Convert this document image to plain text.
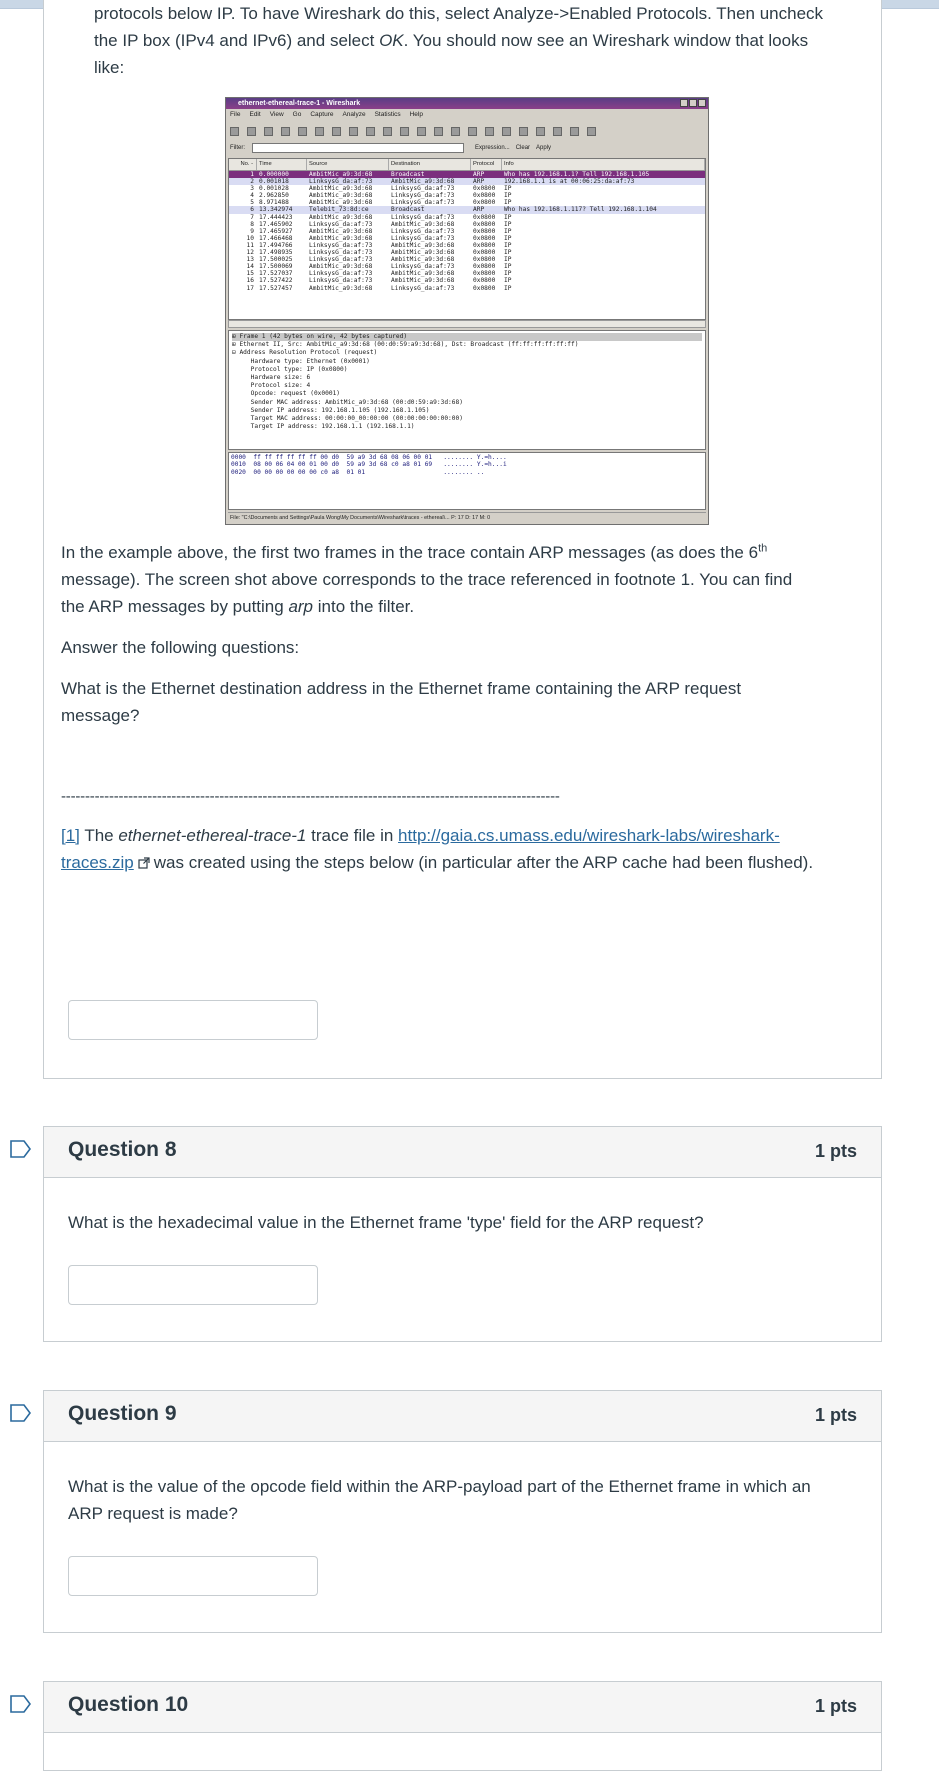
protocols below IP. To have Wireshark do this, select Analyze->Enabled Protocols. Then uncheck

the IP box (IPv4 and IPv6) and select OK. You should now see an Wireshark window that looks

like:

ethernet-ethereal-trace-1 - Wireshark
File Edit View Go Capture Analyze Statistics Help
Filter:	Expression... Clear Apply
No. -	Time	Source	Destination	Protocol	Info
1 0.000000	AmbitMic_a9:3d:68	Broadcast	ARP	Who has 192.168.1.1? Tell 192.168.1.105
2 0.001018	LinksysG_da:af:73	AmbitMic_a9:3d:68	ARP	192.168.1.1 is at 00:06:25:da:af:73
3 0.001028	AmbitMic_a9:3d:68	LinksysG_da:af:73	0x0800	IP
4 2.962850	AmbitMic_a9:3d:68	LinksysG_da:af:73	0x0800	IP
5 8.971488	AmbitMic_a9:3d:68	LinksysG_da:af:73	0x0800	IP
6 13.342974	Telebit_73:8d:ce	Broadcast	ARP	Who has 192.168.1.117? Tell 192.168.1.104
7 17.444423	AmbitMic_a9:3d:68	LinksysG_da:af:73	0x0800	IP
8 17.465902	LinksysG_da:af:73	AmbitMic_a9:3d:68	0x0800	IP
9 17.465927	AmbitMic_a9:3d:68	LinksysG_da:af:73	0x0800	IP
10 17.466468	AmbitMic_a9:3d:68	LinksysG_da:af:73	0x0800	IP
11 17.494766	LinksysG_da:af:73	AmbitMic_a9:3d:68	0x0800	IP
12 17.498935	LinksysG_da:af:73	AmbitMic_a9:3d:68	0x0800	IP
13 17.500025	LinksysG_da:af:73	AmbitMic_a9:3d:68	0x0800	IP
14 17.500069	AmbitMic_a9:3d:68	LinksysG_da:af:73	0x0800	IP
15 17.527037	LinksysG_da:af:73	AmbitMic_a9:3d:68	0x0800	IP
16 17.527422	LinksysG_da:af:73	AmbitMic_a9:3d:68	0x0800	IP
17 17.527457	AmbitMic_a9:3d:68	LinksysG_da:af:73	0x0800	IP
⊞ Frame 1 (42 bytes on wire, 42 bytes captured)
⊞ Ethernet II, Src: AmbitMic_a9:3d:68 (00:d0:59:a9:3d:68), Dst: Broadcast (ff:ff:ff:ff:ff:ff)
⊟ Address Resolution Protocol (request)
Hardware type: Ethernet (0x0001)
Protocol type: IP (0x0800)
Hardware size: 6
Protocol size: 4
Opcode: request (0x0001)
Sender MAC address: AmbitMic_a9:3d:68 (00:d0:59:a9:3d:68)
Sender IP address: 192.168.1.105 (192.168.1.105)
Target MAC address: 00:00:00_00:00:00 (00:00:00:00:00:00)
Target IP address: 192.168.1.1 (192.168.1.1)
0000  ff ff ff ff ff ff 00 d0  59 a9 3d 68 08 06 00 01   ........ Y.=h....
0010  08 00 06 04 00 01 00 d0  59 a9 3d 68 c0 a8 01 69   ........ Y.=h...i
0020  00 00 00 00 00 00 c0 a8  01 01                     ........ ..
File: "C:\Documents and Settings\Paula Wong\My Documents\Wireshark\traces - ethereal\... P: 17 D: 17 M: 0

In the example above, the first two frames in the trace contain ARP messages (as does the 6th

message). The screen shot above corresponds to the trace referenced in footnote 1. You can find

the ARP messages by putting arp into the filter.

Answer the following questions:

What is the Ethernet destination address in the Ethernet frame containing the ARP request

message?

--------------------------------------------------------------------------------------------------------

[1] The ethernet-ethereal-trace-1 trace file in http://gaia.cs.umass.edu/wireshark-labs/wireshark-

traces.zip was created using the steps below (in particular after the ARP cache had been flushed).

Question 8	1 pts

What is the hexadecimal value in the Ethernet frame 'type' field for the ARP request?

Question 9	1 pts

What is the value of the opcode field within the ARP-payload part of the Ethernet frame in which an

ARP request is made?

Question 10	1 pts
